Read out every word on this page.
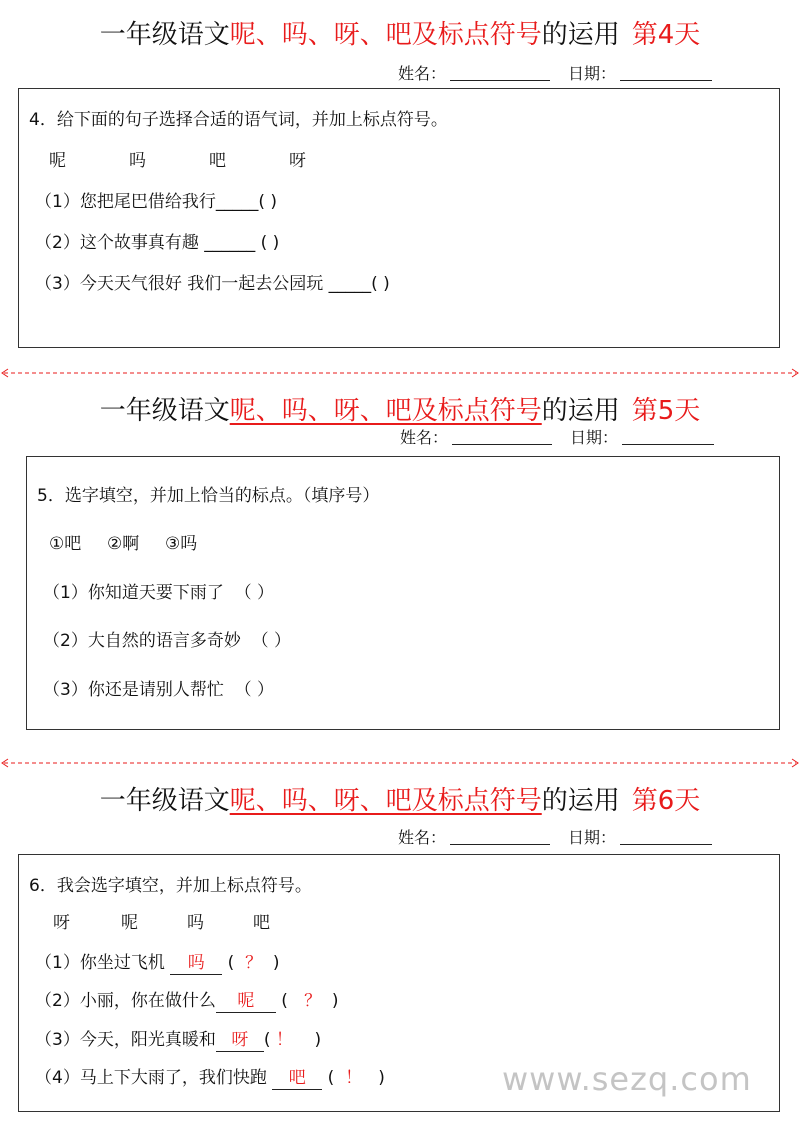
一年级语文呢、吗、呀、吧及标点符号的运用 第4天
姓名：	日期：
4．给下面的句子选择合适的语气词，并加上标点符号。
呢	吗	吧	呀
（1）您把尾巴借给我行_____( )
（2）这个故事真有趣 ______ ( )
（3）今天天气很好 我们一起去公园玩 _____( )
一年级语文呢、吗、呀、吧及标点符号的运用 第5天
姓名：	日期：
5．选字填空，并加上恰当的标点。（填序号）
①吧 ②啊 ③吗
（1）你知道天要下雨了 （ ）
（2）大自然的语言多奇妙 （ ）
（3）你还是请别人帮忙 （ ）
一年级语文呢、吗、呀、吧及标点符号的运用 第6天
姓名：	日期：
6．我会选字填空，并加上标点符号。
呀	呢	吗	吧
（1）你坐过飞机 吗 (  ？  )
（2）小丽，你在做什么 呢 (   ？  )
（3）今天，阳光真暖和 呀 ( ！    )
（4）马上下大雨了，我们快跑 吧 (  ！   )	www.sezq.com
